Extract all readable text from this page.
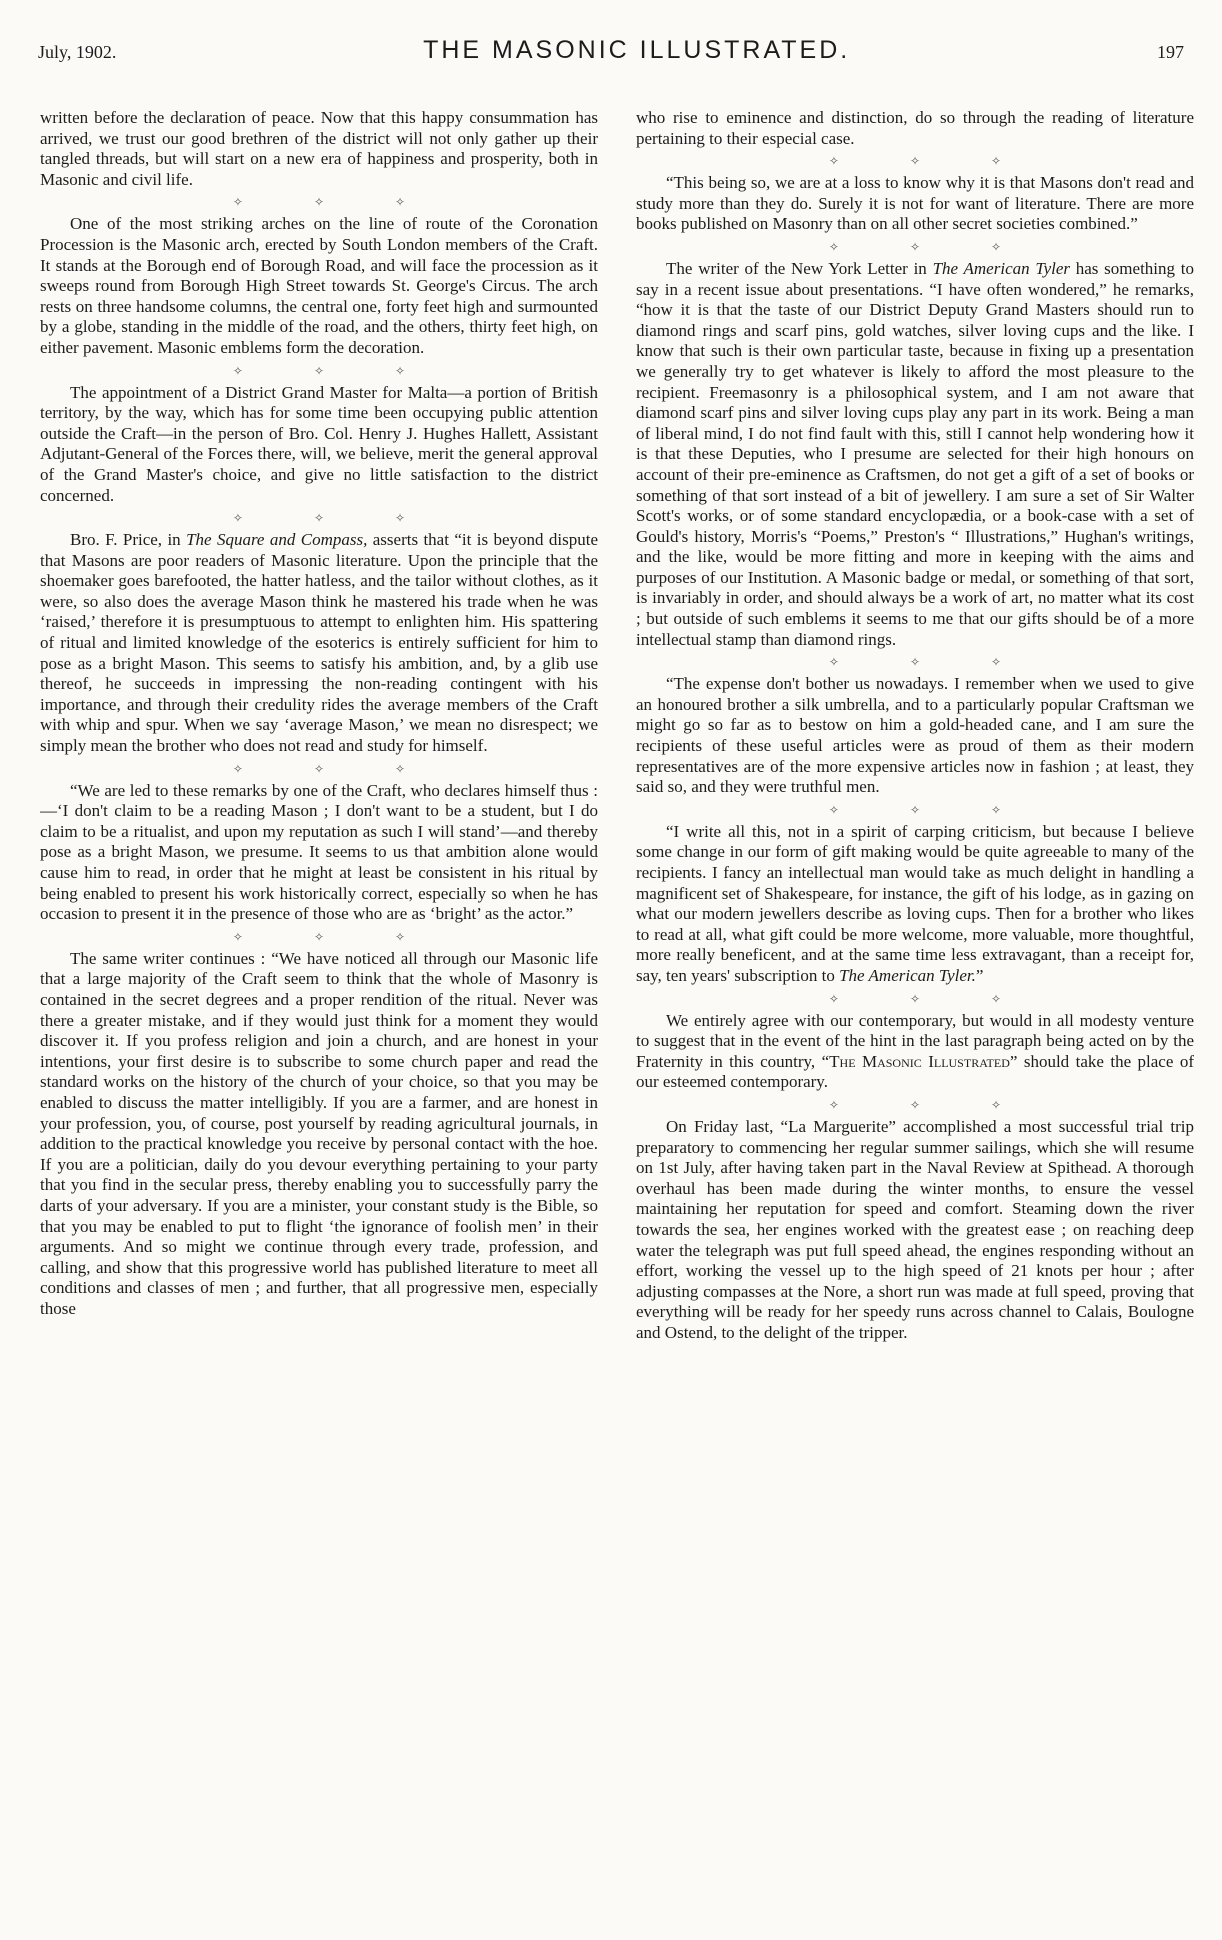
July, 1902.	THE MASONIC ILLUSTRATED.	197

written before the declaration of peace. Now that this happy consummation has arrived, we trust our good brethren of the district will not only gather up their tangled threads, but will start on a new era of happiness and prosperity, both in Masonic and civil life.

✧ ✧ ✧

One of the most striking arches on the line of route of the Coronation Procession is the Masonic arch, erected by South London members of the Craft. It stands at the Borough end of Borough Road, and will face the procession as it sweeps round from Borough High Street towards St. George's Circus. The arch rests on three handsome columns, the central one, forty feet high and surmounted by a globe, standing in the middle of the road, and the others, thirty feet high, on either pavement. Masonic emblems form the decoration.

✧ ✧ ✧

The appointment of a District Grand Master for Malta—a portion of British territory, by the way, which has for some time been occupying public attention outside the Craft—in the person of Bro. Col. Henry J. Hughes Hallett, Assistant Adjutant-General of the Forces there, will, we believe, merit the general approval of the Grand Master's choice, and give no little satisfaction to the district concerned.

✧ ✧ ✧

Bro. F. Price, in The Square and Compass, asserts that “it is beyond dispute that Masons are poor readers of Masonic literature. Upon the principle that the shoemaker goes barefooted, the hatter hatless, and the tailor without clothes, as it were, so also does the average Mason think he mastered his trade when he was ‘raised,’ therefore it is presumptuous to attempt to enlighten him. His spattering of ritual and limited knowledge of the esoterics is entirely sufficient for him to pose as a bright Mason. This seems to satisfy his ambition, and, by a glib use thereof, he succeeds in impressing the non-reading contingent with his importance, and through their credulity rides the average members of the Craft with whip and spur. When we say ‘average Mason,’ we mean no disrespect; we simply mean the brother who does not read and study for himself.

✧ ✧ ✧

“We are led to these remarks by one of the Craft, who declares himself thus :—‘I don't claim to be a reading Mason ; I don't want to be a student, but I do claim to be a ritualist, and upon my reputation as such I will stand’—and thereby pose as a bright Mason, we presume. It seems to us that ambition alone would cause him to read, in order that he might at least be consistent in his ritual by being enabled to present his work historically correct, especially so when he has occasion to present it in the presence of those who are as ‘bright’ as the actor.”

✧ ✧ ✧

The same writer continues : “We have noticed all through our Masonic life that a large majority of the Craft seem to think that the whole of Masonry is contained in the secret degrees and a proper rendition of the ritual. Never was there a greater mistake, and if they would just think for a moment they would discover it. If you profess religion and join a church, and are honest in your intentions, your first desire is to subscribe to some church paper and read the standard works on the history of the church of your choice, so that you may be enabled to discuss the matter intelligibly. If you are a farmer, and are honest in your profession, you, of course, post yourself by reading agricultural journals, in addition to the practical knowledge you receive by personal contact with the hoe. If you are a politician, daily do you devour everything pertaining to your party that you find in the secular press, thereby enabling you to successfully parry the darts of your adversary. If you are a minister, your constant study is the Bible, so that you may be enabled to put to flight ‘the ignorance of foolish men’ in their arguments. And so might we continue through every trade, profession, and calling, and show that this progressive world has published literature to meet all conditions and classes of men ; and further, that all progressive men, especially those

who rise to eminence and distinction, do so through the reading of literature pertaining to their especial case.

✧ ✧ ✧

“This being so, we are at a loss to know why it is that Masons don't read and study more than they do. Surely it is not for want of literature. There are more books published on Masonry than on all other secret societies combined.”

✧ ✧ ✧

The writer of the New York Letter in The American Tyler has something to say in a recent issue about presentations. “I have often wondered,” he remarks, “how it is that the taste of our District Deputy Grand Masters should run to diamond rings and scarf pins, gold watches, silver loving cups and the like. I know that such is their own particular taste, because in fixing up a presentation we generally try to get whatever is likely to afford the most pleasure to the recipient. Freemasonry is a philosophical system, and I am not aware that diamond scarf pins and silver loving cups play any part in its work. Being a man of liberal mind, I do not find fault with this, still I cannot help wondering how it is that these Deputies, who I presume are selected for their high honours on account of their pre-eminence as Craftsmen, do not get a gift of a set of books or something of that sort instead of a bit of jewellery. I am sure a set of Sir Walter Scott's works, or of some standard encyclopædia, or a book-case with a set of Gould's history, Morris's “Poems,” Preston's “ Illustrations,” Hughan's writings, and the like, would be more fitting and more in keeping with the aims and purposes of our Institution. A Masonic badge or medal, or something of that sort, is invariably in order, and should always be a work of art, no matter what its cost ; but outside of such emblems it seems to me that our gifts should be of a more intellectual stamp than diamond rings.

✧ ✧ ✧

“The expense don't bother us nowadays. I remember when we used to give an honoured brother a silk umbrella, and to a particularly popular Craftsman we might go so far as to bestow on him a gold-headed cane, and I am sure the recipients of these useful articles were as proud of them as their modern representatives are of the more expensive articles now in fashion ; at least, they said so, and they were truthful men.

✧ ✧ ✧

“I write all this, not in a spirit of carping criticism, but because I believe some change in our form of gift making would be quite agreeable to many of the recipients. I fancy an intellectual man would take as much delight in handling a magnificent set of Shakespeare, for instance, the gift of his lodge, as in gazing on what our modern jewellers describe as loving cups. Then for a brother who likes to read at all, what gift could be more welcome, more valuable, more thoughtful, more really beneficent, and at the same time less extravagant, than a receipt for, say, ten years' subscription to The American Tyler.”

✧ ✧ ✧

We entirely agree with our contemporary, but would in all modesty venture to suggest that in the event of the hint in the last paragraph being acted on by the Fraternity in this country, “The Masonic Illustrated” should take the place of our esteemed contemporary.

✧ ✧ ✧

On Friday last, “La Marguerite” accomplished a most successful trial trip preparatory to commencing her regular summer sailings, which she will resume on 1st July, after having taken part in the Naval Review at Spithead. A thorough overhaul has been made during the winter months, to ensure the vessel maintaining her reputation for speed and comfort. Steaming down the river towards the sea, her engines worked with the greatest ease ; on reaching deep water the telegraph was put full speed ahead, the engines responding without an effort, working the vessel up to the high speed of 21 knots per hour ; after adjusting compasses at the Nore, a short run was made at full speed, proving that everything will be ready for her speedy runs across channel to Calais, Boulogne and Ostend, to the delight of the tripper.
